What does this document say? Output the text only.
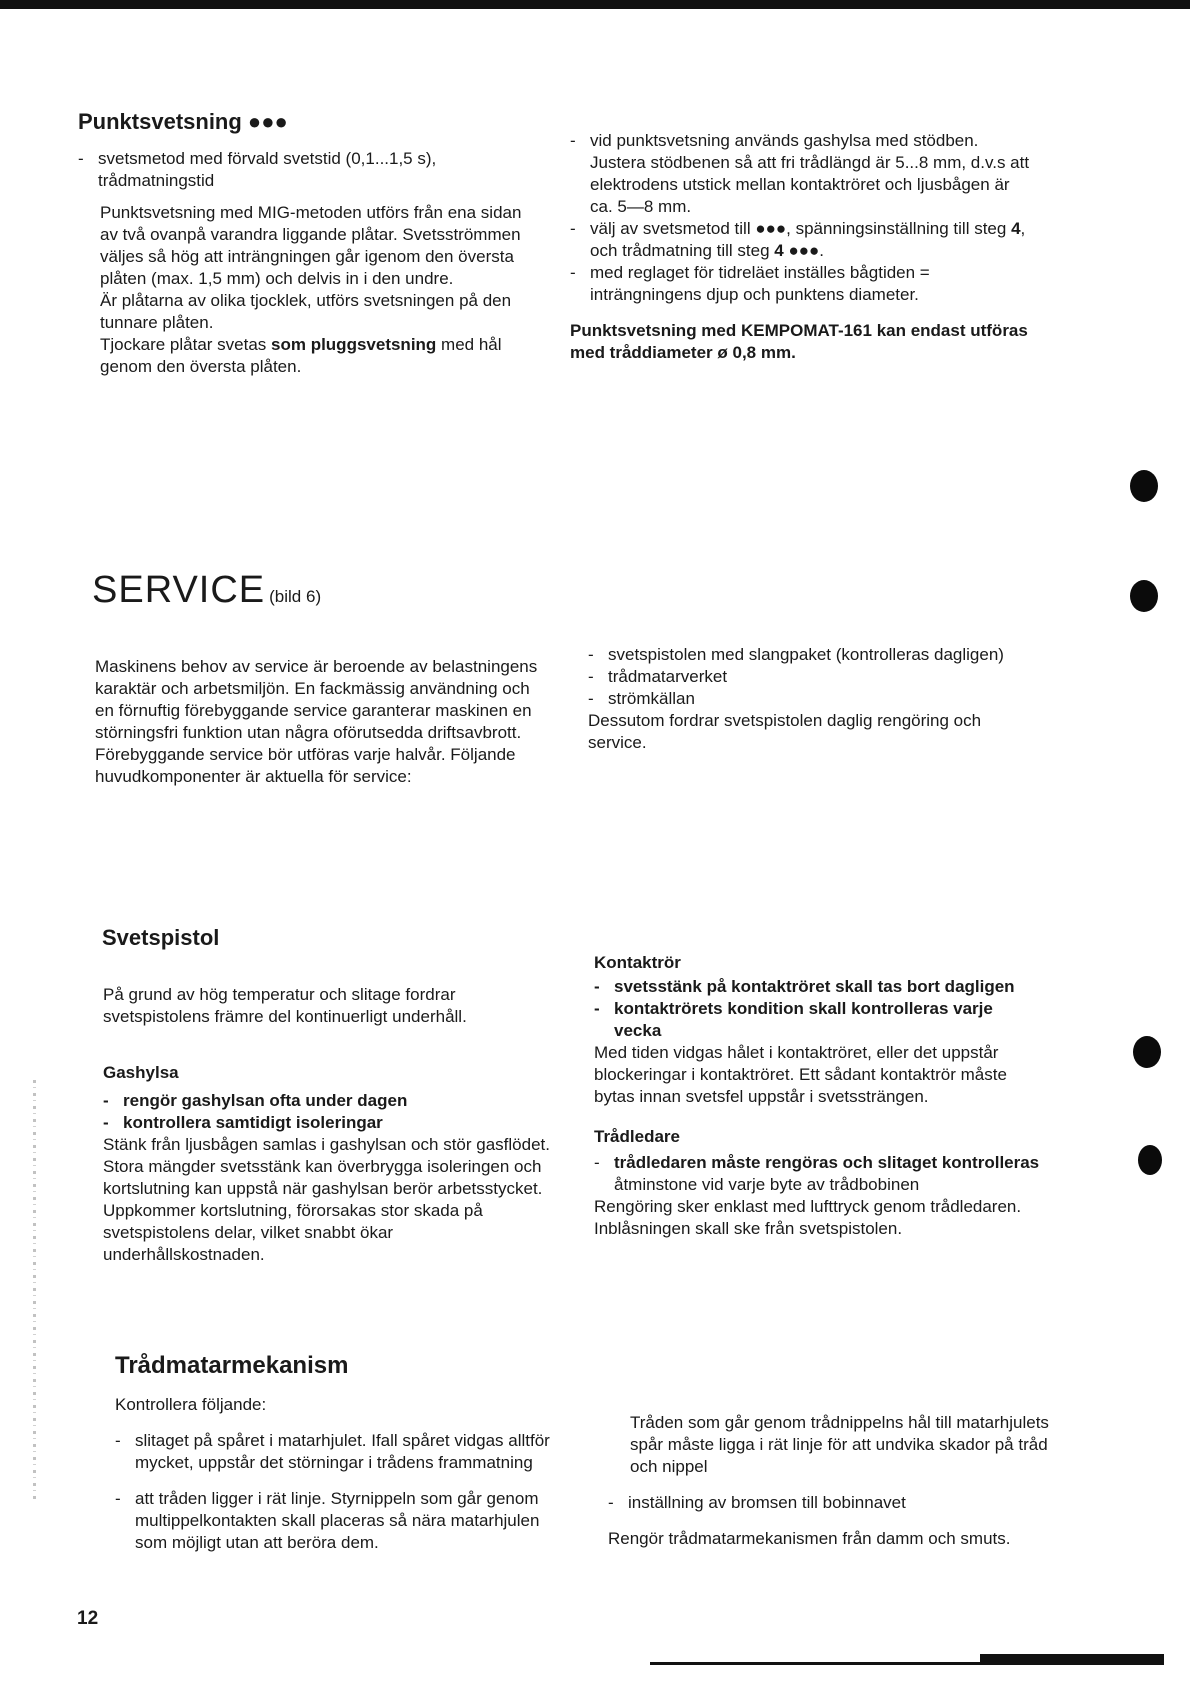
Punktsvetsning ●●●
- svetsmetod med förvald svetstid (0,1...1,5 s), trådmatningstid

Punktsvetsning med MIG-metoden utförs från ena sidan av två ovanpå varandra liggande plåtar. Svetsströmmen väljes så hög att inträngningen går igenom den översta plåten (max. 1,5 mm) och delvis in i den undre.

Är plåtarna av olika tjocklek, utförs svetsningen på den tunnare plåten.

Tjockare plåtar svetas som pluggsvetsning med hål genom den översta plåten.

- vid punktsvetsning används gashylsa med stödben. Justera stödbenen så att fri trådlängd är 5...8 mm, d.v.s att elektrodens utstick mellan kontaktröret och ljusbågen är ca. 5—8 mm.
- välj av svetsmetod till ●●●, spänningsinställning till steg 4, och trådmatning till steg 4 ●●●.
- med reglaget för tidreläet inställes bågtiden = inträngningens djup och punktens diameter.

Punktsvetsning med KEMPOMAT-161 kan endast utföras med tråddiameter ø 0,8 mm.

SERVICE (bild 6)

Maskinens behov av service är beroende av belastningens karaktär och arbetsmiljön. En fackmässig användning och en förnuftig förebyggande service garanterar maskinen en störningsfri funktion utan några oförutsedda driftsavbrott.

Förebyggande service bör utföras varje halvår. Följande huvudkomponenter är aktuella för service:

- svetspistolen med slangpaket (kontrolleras dagligen)
- trådmatarverket
- strömkällan

Dessutom fordrar svetspistolen daglig rengöring och service.

Svetspistol

På grund av hög temperatur och slitage fordrar svetspistolens främre del kontinuerligt underhåll.

Gashylsa

- rengör gashylsan ofta under dagen
- kontrollera samtidigt isoleringar

Stänk från ljusbågen samlas i gashylsan och stör gasflödet. Stora mängder svetsstänk kan överbrygga isoleringen och kortslutning kan uppstå när gashylsan berör arbetsstycket. Uppkommer kortslutning, förorsakas stor skada på svetspistolens delar, vilket snabbt ökar underhållskostnaden.

Kontaktrör

- svetsstänk på kontaktröret skall tas bort dagligen
- kontaktrörets kondition skall kontrolleras varje vecka

Med tiden vidgas hålet i kontaktröret, eller det uppstår blockeringar i kontaktröret. Ett sådant kontaktrör måste bytas innan svetsfel uppstår i svetssträngen.

Trådledare

- trådledaren måste rengöras och slitaget kontrolleras åtminstone vid varje byte av trådbobinen

Rengöring sker enklast med lufttryck genom trådledaren. Inblåsningen skall ske från svetspistolen.

Trådmatarmekanism

Kontrollera följande:

- slitaget på spåret i matarhjulet. Ifall spåret vidgas alltför mycket, uppstår det störningar i trådens frammatning
- att tråden ligger i rät linje. Styrnippeln som går genom multippelkontakten skall placeras så nära matarhjulen som möjligt utan att beröra dem.

Tråden som går genom trådnippelns hål till matarhjulets spår måste ligga i rät linje för att undvika skador på tråd och nippel

- inställning av bromsen till bobinnavet

Rengör trådmatarmekanismen från damm och smuts.

12
